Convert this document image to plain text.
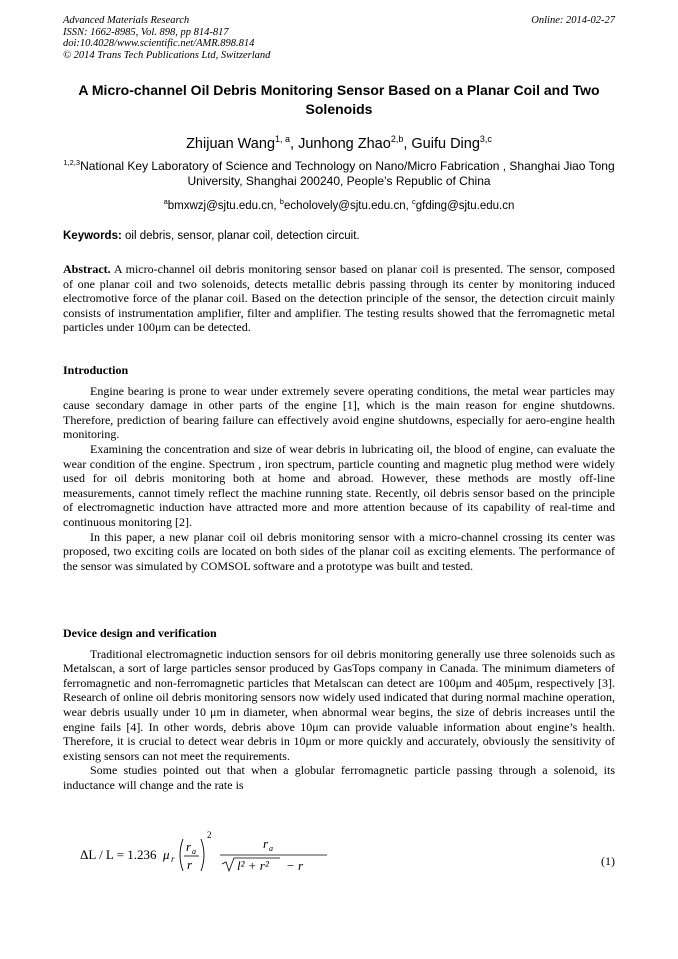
Advanced Materials Research
ISSN: 1662-8985, Vol. 898, pp 814-817
doi:10.4028/www.scientific.net/AMR.898.814
© 2014 Trans Tech Publications Ltd, Switzerland
Online: 2014-02-27
A Micro-channel Oil Debris Monitoring Sensor Based on a Planar Coil and Two Solenoids
Zhijuan Wang$^{1, a}$, Junhong Zhao$^{2,b}$, Guifu Ding$^{3,c}$
$^{1,2,3}$National Key Laboratory of Science and Technology on Nano/Micro Fabrication , Shanghai Jiao Tong University, Shanghai 200240, People’s Republic of China
$^a$bmxwzj@sjtu.edu.cn, $^b$echolovely@sjtu.edu.cn, $^c$gfding@sjtu.edu.cn
Keywords: oil debris, sensor, planar coil, detection circuit.

Abstract. A micro-channel oil debris monitoring sensor based on planar coil is presented. The sensor, composed of one planar coil and two solenoids, detects metallic debris passing through its center by monitoring induced electromotive force of the planar coil. Based on the detection principle of the sensor, the detection circuit mainly consists of instrumentation amplifier, filter and amplifier. The testing results showed that the ferromagnetic metal particles under 100μm can be detected.

Introduction

Engine bearing is prone to wear under extremely severe operating conditions, the metal wear particles may cause secondary damage in other parts of the engine [1], which is the main reason for engine shutdowns. Therefore, prediction of bearing failure can effectively avoid engine shutdowns, especially for aero-engine health monitoring.

Examining the concentration and size of wear debris in lubricating oil, the blood of engine, can evaluate the wear condition of the engine. Spectrum , iron spectrum, particle counting and magnetic plug method were widely used for oil debris monitoring both at home and abroad. However, these methods are mostly off-line measurements, cannot timely reflect the machine running state. Recently, oil debris sensor based on the principle of electromagnetic induction have attracted more and more attention because of its capability of real-time and continuous monitoring [2].

In this paper, a new planar coil oil debris monitoring sensor with a micro-channel crossing its center was proposed, two exciting coils are located on both sides of the planar coil as exciting elements. The performance of the sensor was simulated by COMSOL software and a prototype was built and tested.

Device design and verification

Traditional electromagnetic induction sensors for oil debris monitoring generally use three solenoids such as Metalscan, a sort of large particles sensor produced by GasTops company in Canada. The minimum diameters of ferromagnetic and non-ferromagnetic particles that Metalscan can detect are 100μm and 405μm, respectively [3]. Research of online oil debris monitoring sensors now widely used indicated that during normal machine operation, wear debris usually under 10 μm in diameter, when abnormal wear begins, the size of debris increases until the engine fails [4]. In other words, debris above 10μm can provide valuable information about engine’s health. Therefore, it is crucial to detect wear debris in 10μm or more quickly and accurately, obviously the sensitivity of existing sensors can not meet the requirements.

Some studies pointed out that when a globular ferromagnetic particle passing through a solenoid, its inductance will change and the rate is

ΔL / L = 1.236 μ r
r a
r
2
r a
l² + r² − r	(1)
